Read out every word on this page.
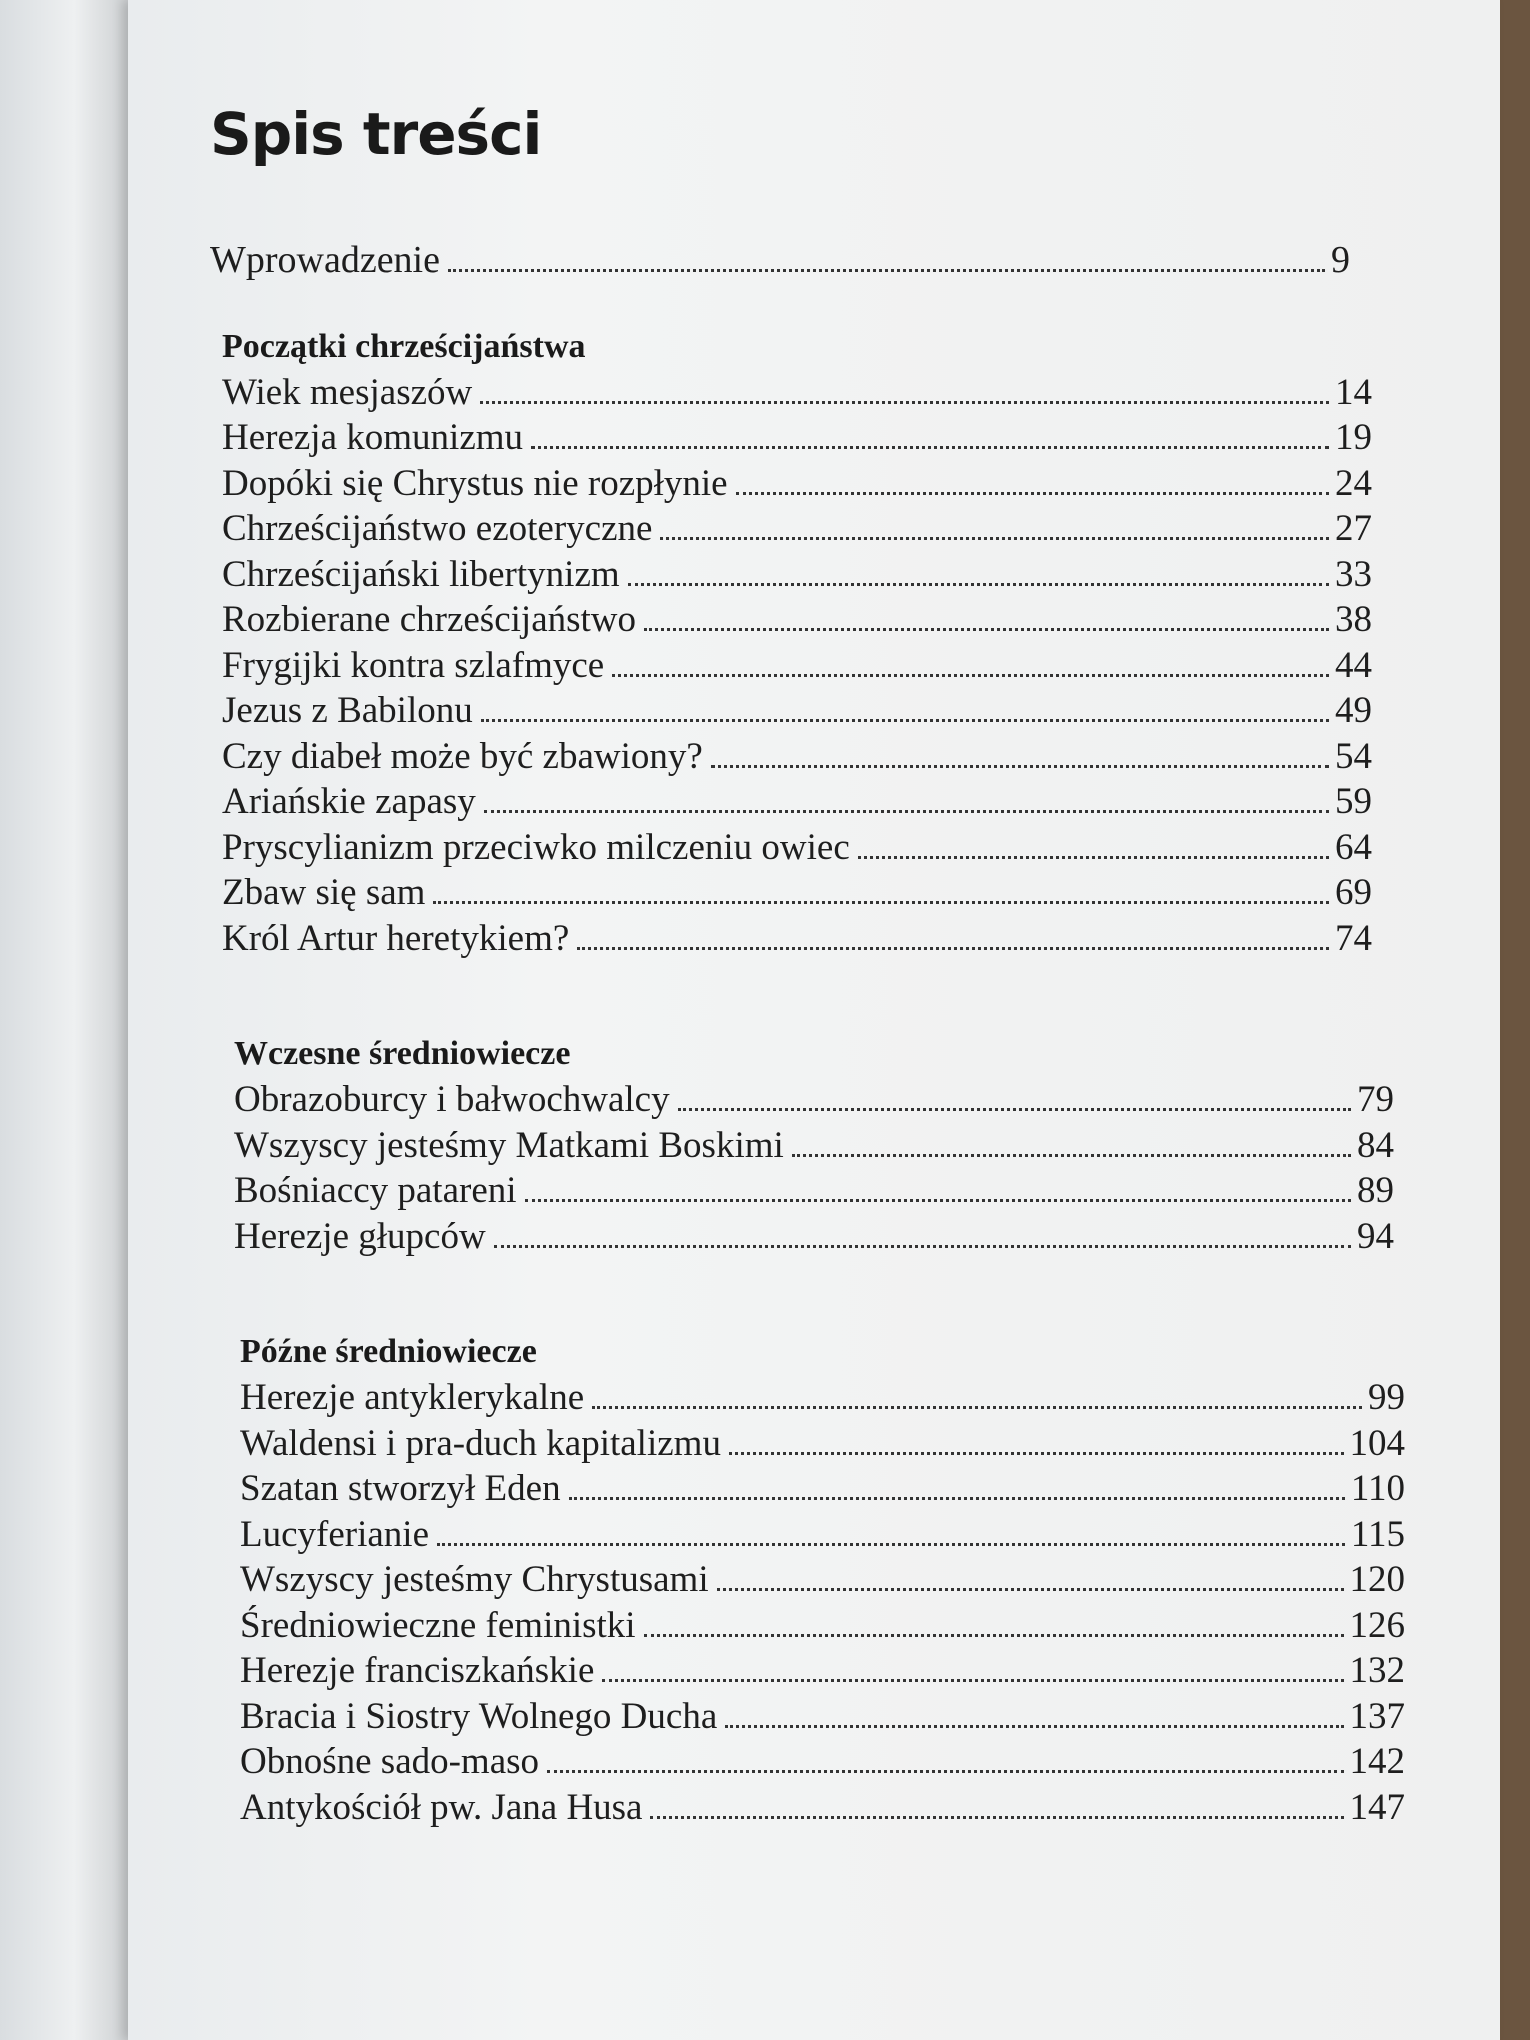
Spis treści
Wprowadzenie	9
Początki chrześcijaństwa
Wiek mesjaszów	14
Herezja komunizmu	19
Dopóki się Chrystus nie rozpłynie	24
Chrześcijaństwo ezoteryczne	27
Chrześcijański libertynizm	33
Rozbierane chrześcijaństwo	38
Frygijki kontra szlafmyce	44
Jezus z Babilonu	49
Czy diabeł może być zbawiony?	54
Ariańskie zapasy	59
Pryscylianizm przeciwko milczeniu owiec	64
Zbaw się sam	69
Król Artur heretykiem?	74
Wczesne średniowiecze
Obrazoburcy i bałwochwalcy	79
Wszyscy jesteśmy Matkami Boskimi	84
Bośniaccy patareni	89
Herezje głupców	94
Późne średniowiecze
Herezje antyklerykalne	99
Waldensi i pra-duch kapitalizmu	104
Szatan stworzył Eden	110
Lucyferianie	115
Wszyscy jesteśmy Chrystusami	120
Średniowieczne feministki	126
Herezje franciszkańskie	132
Bracia i Siostry Wolnego Ducha	137
Obnośne sado-maso	142
Antykościół pw. Jana Husa	147
